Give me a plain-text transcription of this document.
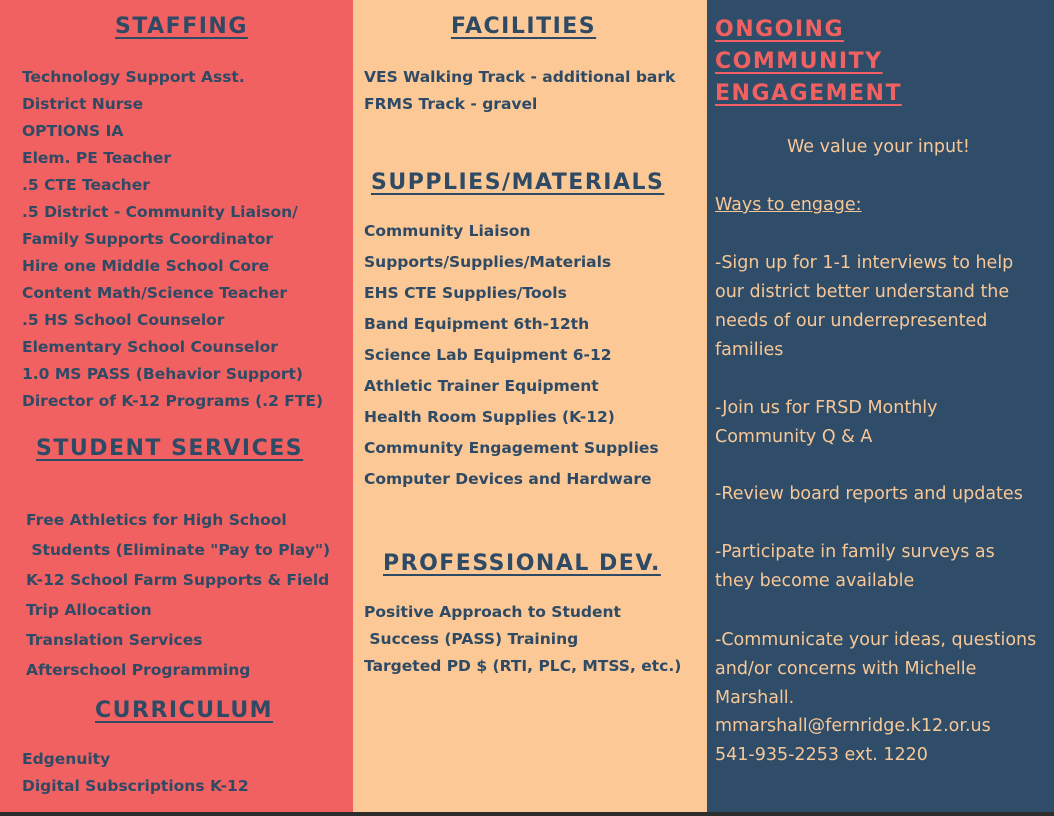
STAFFING
Technology Support Asst.
District Nurse
OPTIONS IA
Elem. PE Teacher
.5 CTE Teacher
.5 District - Community Liaison/
Family Supports Coordinator
Hire one Middle School Core
Content Math/Science Teacher
.5 HS School Counselor
Elementary School Counselor
1.0 MS PASS (Behavior Support)
Director of K-12 Programs (.2 FTE)
STUDENT SERVICES
Free Athletics for High School
Students (Eliminate "Pay to Play")
K-12 School Farm Supports & Field
Trip Allocation
Translation Services
Afterschool Programming
CURRICULUM
Edgenuity
Digital Subscriptions K-12
FACILITIES
VES Walking Track - additional bark
FRMS Track - gravel
SUPPLIES/MATERIALS
Community Liaison
Supports/Supplies/Materials
EHS CTE Supplies/Tools
Band Equipment 6th-12th
Science Lab Equipment 6-12
Athletic Trainer Equipment
Health Room Supplies (K-12)
Community Engagement Supplies
Computer Devices and Hardware
PROFESSIONAL DEV.
Positive Approach to Student
Success (PASS) Training
Targeted PD $ (RTI, PLC, MTSS, etc.)
ONGOING
COMMUNITY
ENGAGEMENT
We value your input!
Ways to engage:
-Sign up for 1-1 interviews to help our district better understand the needs of our underrepresented families
-Join us for FRSD Monthly Community Q & A
-Review board reports and updates
-Participate in family surveys as they become available
-Communicate your ideas, questions and/or concerns with Michelle Marshall.
mmarshall@fernridge.k12.or.us
541-935-2253 ext. 1220
